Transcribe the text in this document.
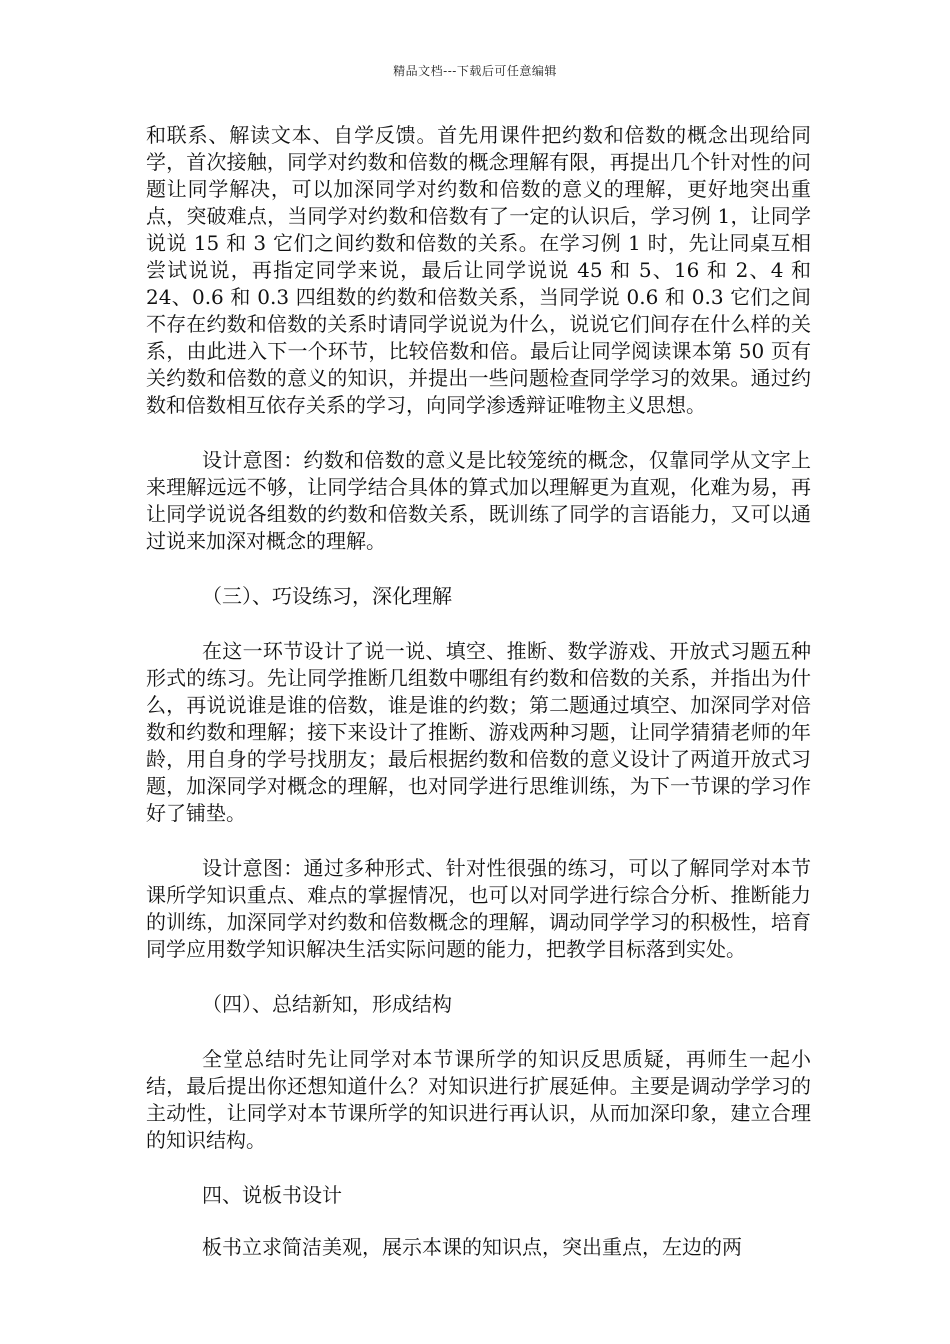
精品文档---下载后可任意编辑

和联系、解读文本、自学反馈。首先用课件把约数和倍数的概念出现给同学，首次接触，同学对约数和倍数的概念理解有限，再提出几个针对性的问题让同学解决，可以加深同学对约数和倍数的意义的理解，更好地突出重点，突破难点，当同学对约数和倍数有了一定的认识后，学习例 1，让同学说说 15 和 3 它们之间约数和倍数的关系。在学习例 1 时，先让同桌互相尝试说说，再指定同学来说，最后让同学说说 45 和 5、16 和 2、4 和 24、0.6 和 0.3 四组数的约数和倍数关系，当同学说 0.6 和 0.3 它们之间不存在约数和倍数的关系时请同学说说为什么，说说它们间存在什么样的关系，由此进入下一个环节，比较倍数和倍。最后让同学阅读课本第 50 页有关约数和倍数的意义的知识，并提出一些问题检查同学学习的效果。通过约数和倍数相互依存关系的学习，向同学渗透辩证唯物主义思想。

设计意图：约数和倍数的意义是比较笼统的概念，仅靠同学从文字上来理解远远不够，让同学结合具体的算式加以理解更为直观，化难为易，再让同学说说各组数的约数和倍数关系，既训练了同学的言语能力，又可以通过说来加深对概念的理解。

（三）、巧设练习，深化理解

在这一环节设计了说一说、填空、推断、数学游戏、开放式习题五种形式的练习。先让同学推断几组数中哪组有约数和倍数的关系，并指出为什么，再说说谁是谁的倍数，谁是谁的约数；第二题通过填空、加深同学对倍数和约数和理解；接下来设计了推断、游戏两种习题，让同学猜猜老师的年龄，用自身的学号找朋友；最后根据约数和倍数的意义设计了两道开放式习题，加深同学对概念的理解，也对同学进行思维训练，为下一节课的学习作好了铺垫。

设计意图：通过多种形式、针对性很强的练习，可以了解同学对本节课所学知识重点、难点的掌握情况，也可以对同学进行综合分析、推断能力的训练，加深同学对约数和倍数概念的理解，调动同学学习的积极性，培育同学应用数学知识解决生活实际问题的能力，把教学目标落到实处。

（四）、总结新知，形成结构

全堂总结时先让同学对本节课所学的知识反思质疑，再师生一起小结，最后提出你还想知道什么？对知识进行扩展延伸。主要是调动学学习的主动性，让同学对本节课所学的知识进行再认识，从而加深印象，建立合理的知识结构。

四、说板书设计

板书立求简洁美观，展示本课的知识点，突出重点，左边的两
